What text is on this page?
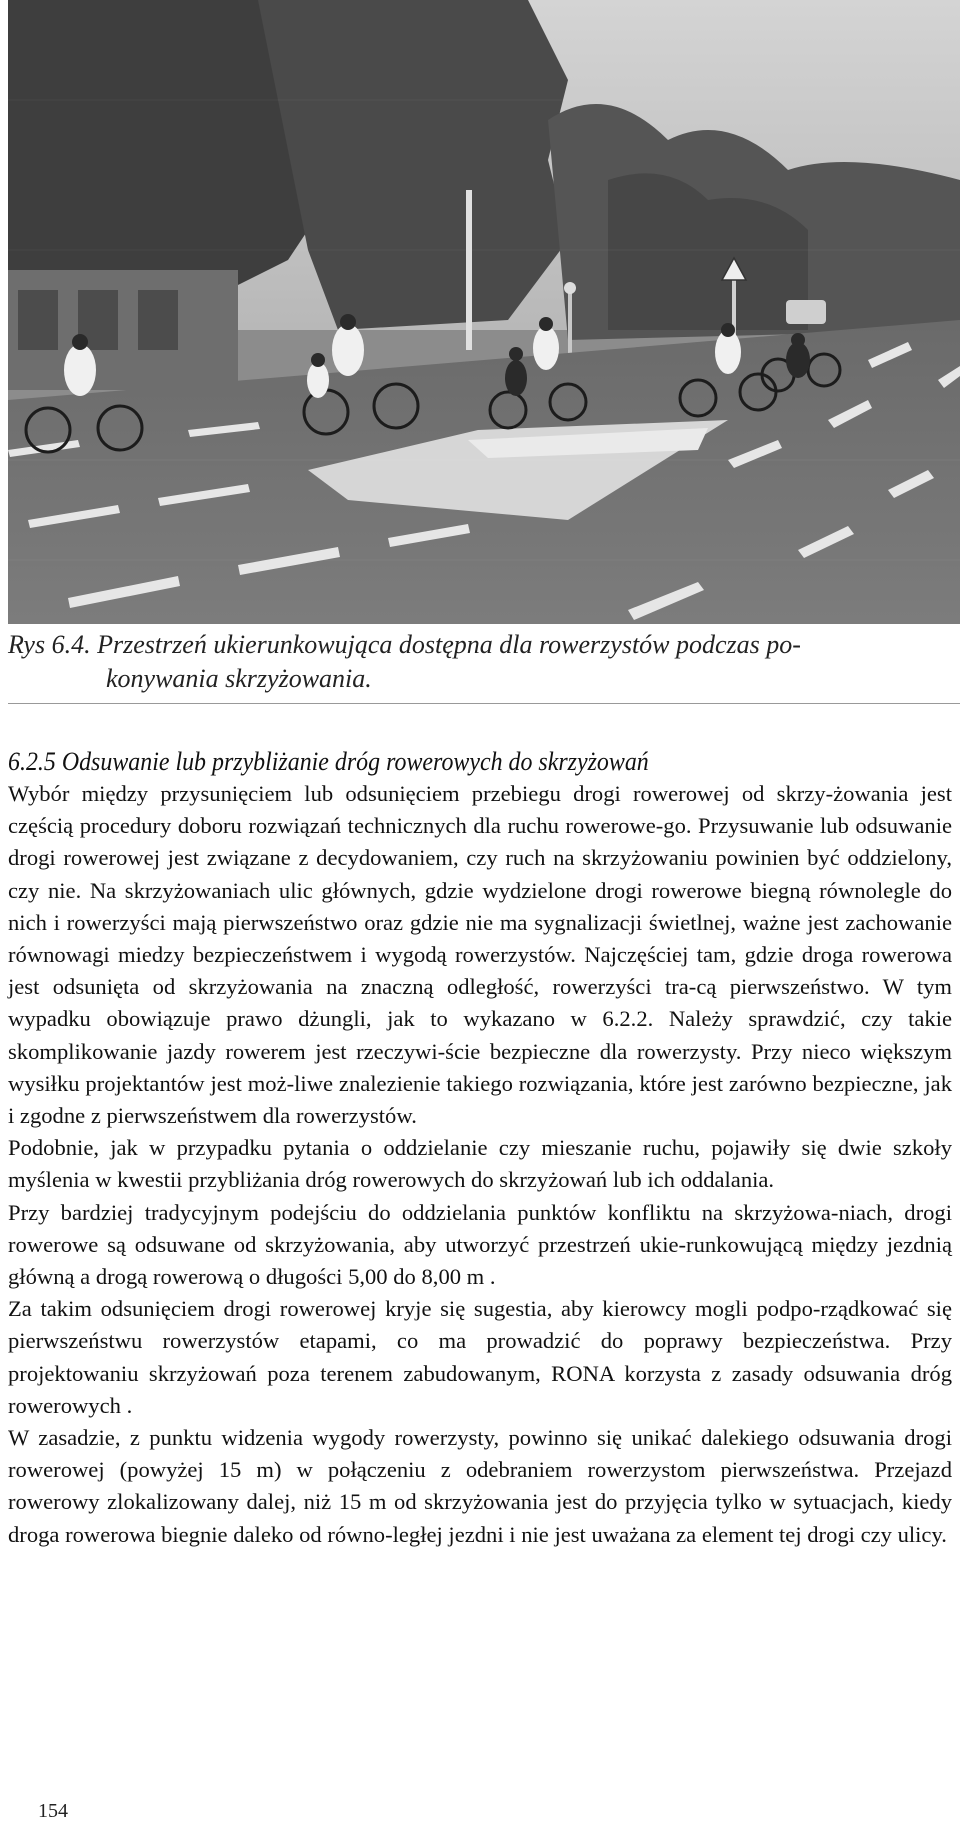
Rys 6.4. Przestrzeń ukierunkowująca dostępna dla rowerzystów podczas po-
konywania skrzyżowania.
6.2.5 Odsuwanie lub przybliżanie dróg rowerowych do skrzyżowań

Wybór między przysunięciem lub odsunięciem przebiegu drogi rowerowej od skrzy-żowania jest częścią procedury doboru rozwiązań technicznych dla ruchu rowerowe-go. Przysuwanie lub odsuwanie drogi rowerowej jest związane z decydowaniem, czy ruch na skrzyżowaniu powinien być oddzielony, czy nie. Na skrzyżowaniach ulic głównych, gdzie wydzielone drogi rowerowe biegną równolegle do nich i rowerzyści mają pierwszeństwo oraz gdzie nie ma sygnalizacji świetlnej, ważne jest zachowanie równowagi miedzy bezpieczeństwem i wygodą rowerzystów. Najczęściej tam, gdzie droga rowerowa jest odsunięta od skrzyżowania na znaczną odległość, rowerzyści tra-cą pierwszeństwo. W tym wypadku obowiązuje prawo dżungli, jak to wykazano w 6.2.2. Należy sprawdzić, czy takie skomplikowanie jazdy rowerem jest rzeczywi-ście bezpieczne dla rowerzysty. Przy nieco większym wysiłku projektantów jest moż-liwe znalezienie takiego rozwiązania, które jest zarówno bezpieczne, jak i zgodne z pierwszeństwem dla rowerzystów.

Podobnie, jak w przypadku pytania o oddzielanie czy mieszanie ruchu, pojawiły się dwie szkoły myślenia w kwestii przybliżania dróg rowerowych do skrzyżowań lub ich oddalania.

Przy bardziej tradycyjnym podejściu do oddzielania punktów konfliktu na skrzyżowa-niach, drogi rowerowe są odsuwane od skrzyżowania, aby utworzyć przestrzeń ukie-runkowującą między jezdnią główną a drogą rowerową o długości 5,00 do 8,00 m .

Za takim odsunięciem drogi rowerowej kryje się sugestia, aby kierowcy mogli podpo-rządkować się pierwszeństwu rowerzystów etapami, co ma prowadzić do poprawy bezpieczeństwa. Przy projektowaniu skrzyżowań poza terenem zabudowanym, RONA korzysta z zasady odsuwania dróg rowerowych .

W zasadzie, z punktu widzenia wygody rowerzysty, powinno się unikać dalekiego odsuwania drogi rowerowej (powyżej 15 m) w połączeniu z odebraniem rowerzystom pierwszeństwa. Przejazd rowerowy zlokalizowany dalej, niż 15 m od skrzyżowania jest do przyjęcia tylko w sytuacjach, kiedy droga rowerowa biegnie daleko od równo-ległej jezdni i nie jest uważana za element tej drogi czy ulicy.

154
